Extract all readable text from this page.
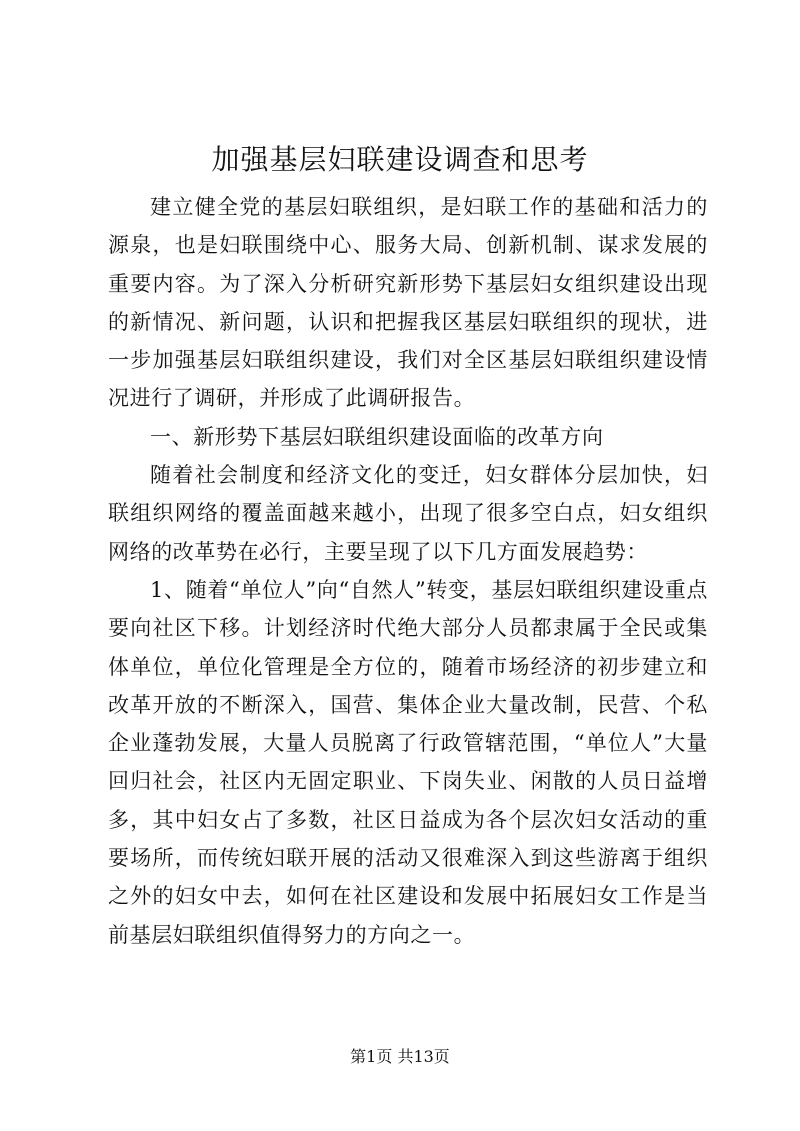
加强基层妇联建设调查和思考

建立健全党的基层妇联组织，是妇联工作的基础和活力的源泉，也是妇联围绕中心、服务大局、创新机制、谋求发展的重要内容。为了深入分析研究新形势下基层妇女组织建设出现的新情况、新问题，认识和把握我区基层妇联组织的现状，进一步加强基层妇联组织建设，我们对全区基层妇联组织建设情况进行了调研，并形成了此调研报告。

一、新形势下基层妇联组织建设面临的改革方向

随着社会制度和经济文化的变迁，妇女群体分层加快，妇联组织网络的覆盖面越来越小，出现了很多空白点，妇女组织网络的改革势在必行，主要呈现了以下几方面发展趋势：

1、随着“单位人”向“自然人”转变，基层妇联组织建设重点要向社区下移。计划经济时代绝大部分人员都隶属于全民或集体单位，单位化管理是全方位的，随着市场经济的初步建立和改革开放的不断深入，国营、集体企业大量改制，民营、个私企业蓬勃发展，大量人员脱离了行政管辖范围，“单位人”大量回归社会，社区内无固定职业、下岗失业、闲散的人员日益增多，其中妇女占了多数，社区日益成为各个层次妇女活动的重要场所，而传统妇联开展的活动又很难深入到这些游离于组织之外的妇女中去，如何在社区建设和发展中拓展妇女工作是当前基层妇联组织值得努力的方向之一。

第1页 共13页
